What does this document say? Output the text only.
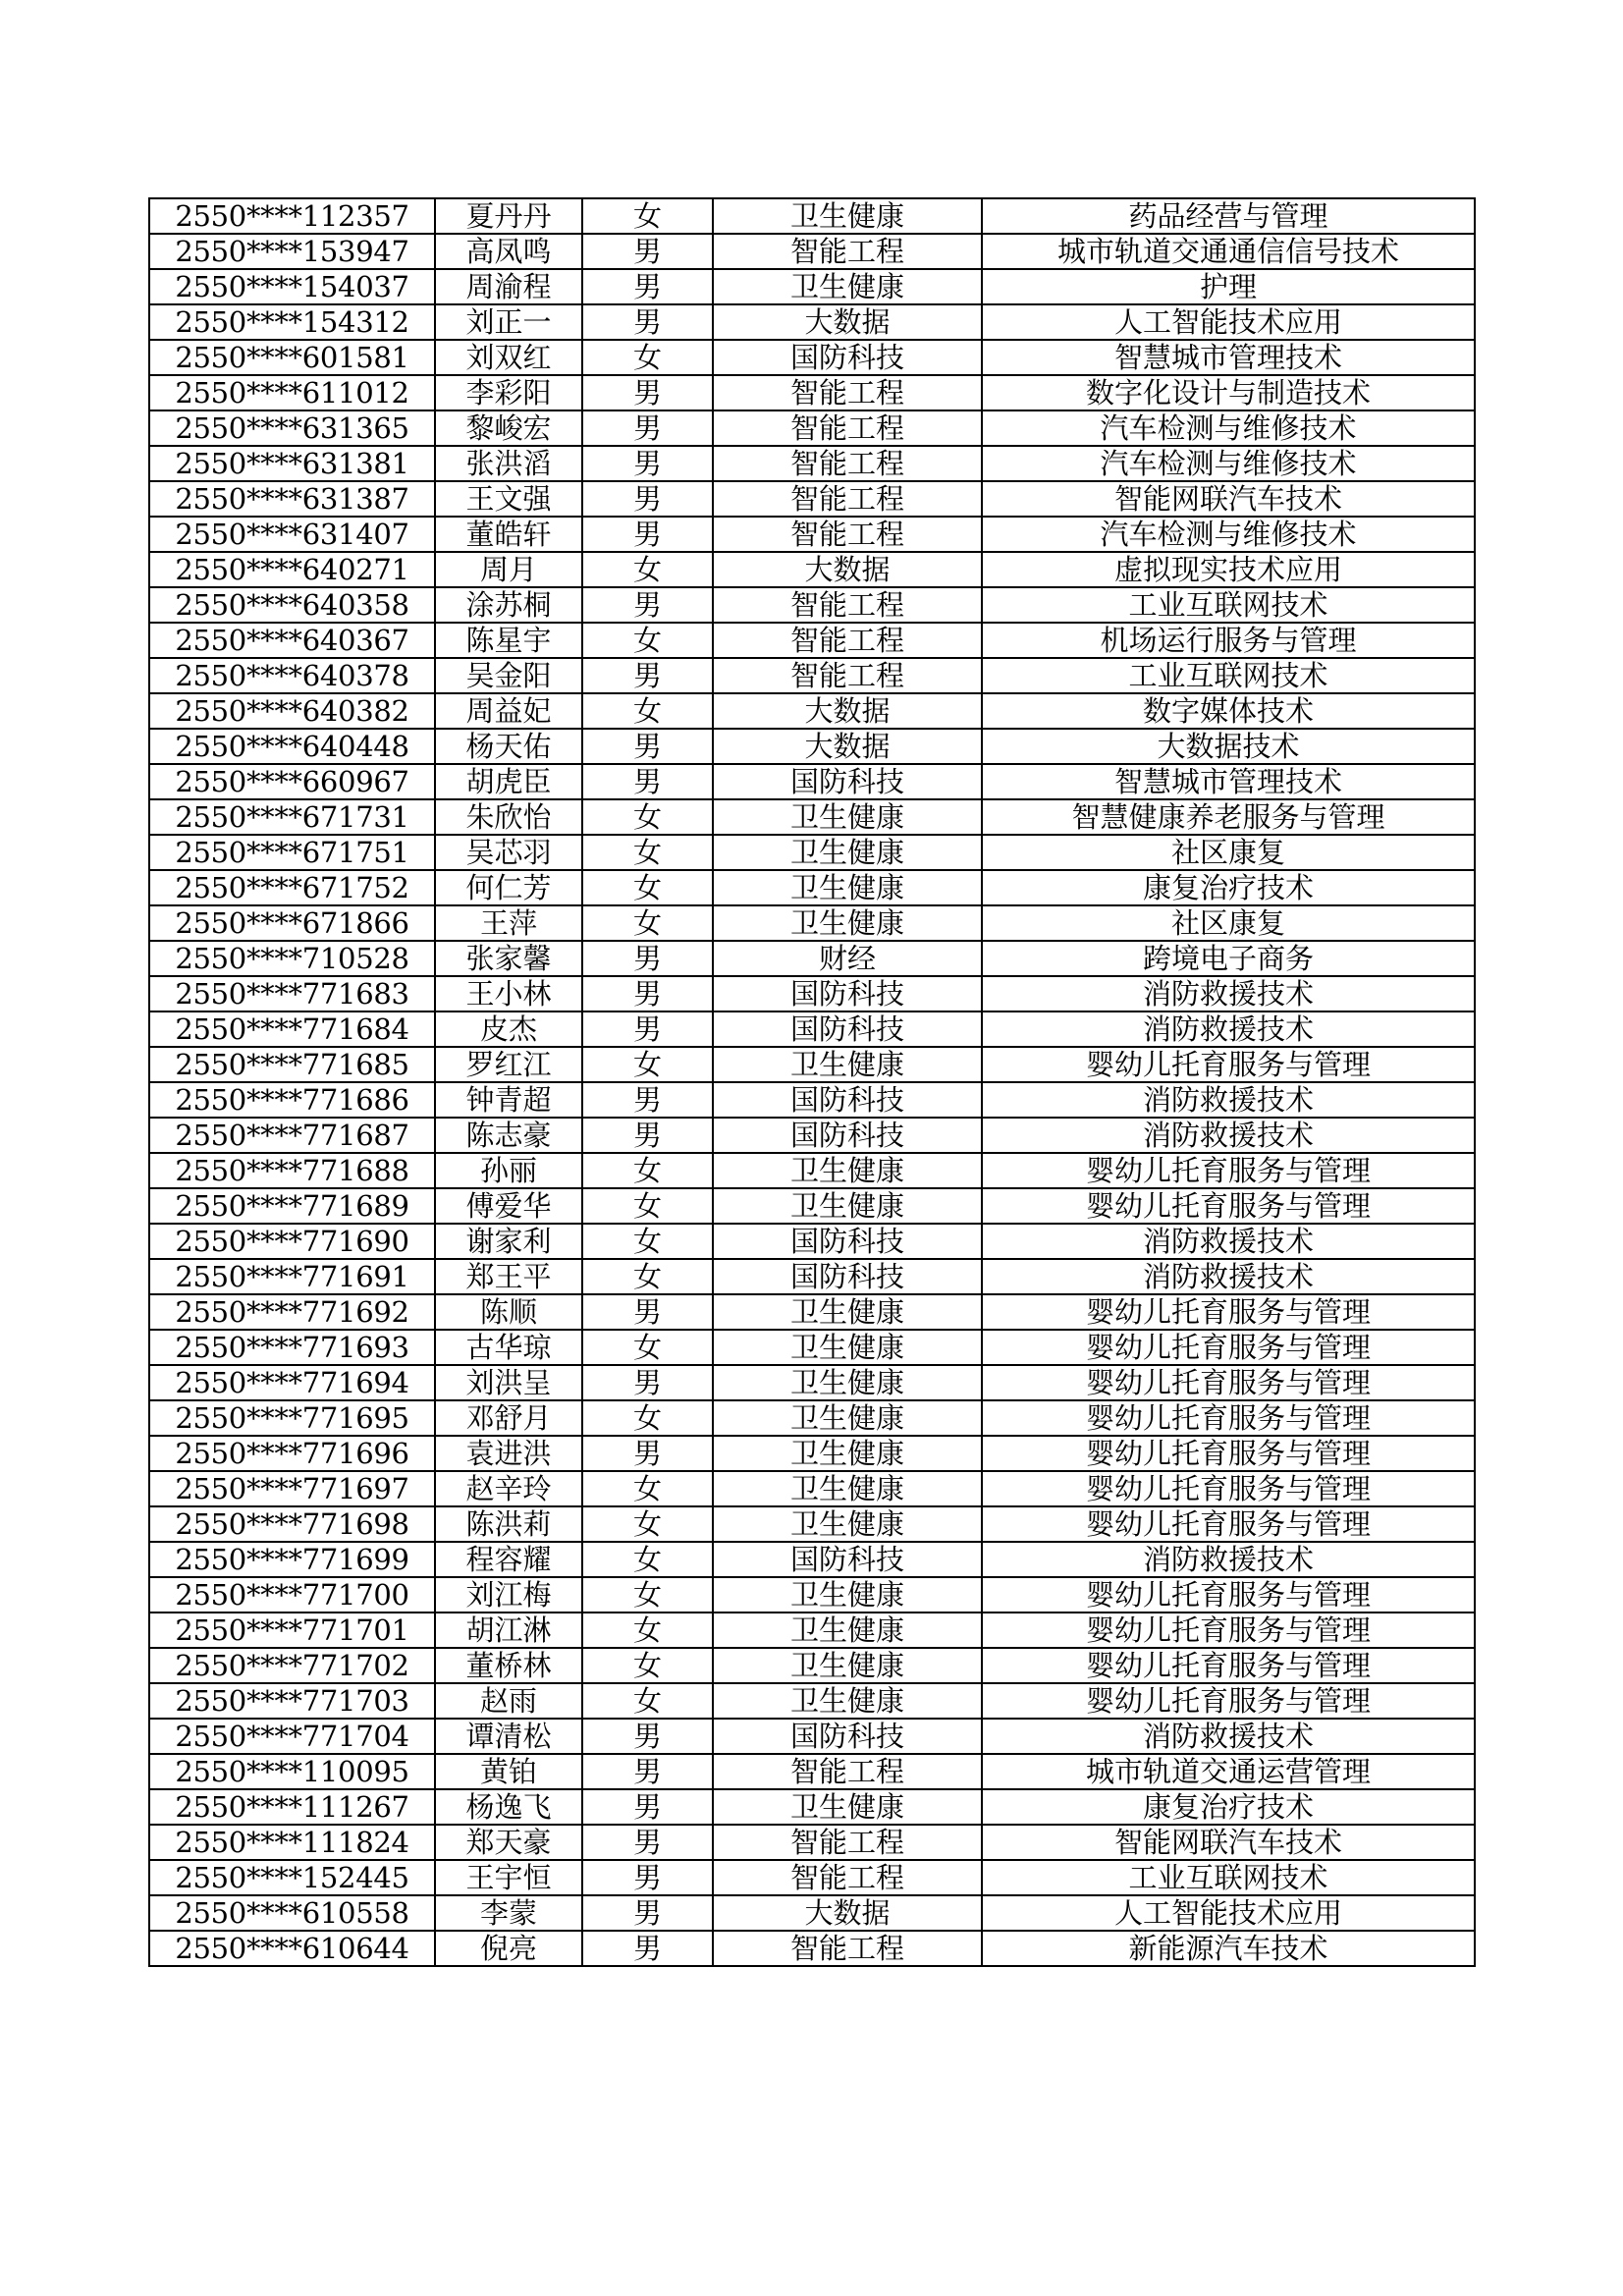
2550****112357	夏丹丹	女	卫生健康	药品经营与管理
2550****153947	高凤鸣	男	智能工程	城市轨道交通通信信号技术
2550****154037	周渝程	男	卫生健康	护理
2550****154312	刘正一	男	大数据	人工智能技术应用
2550****601581	刘双红	女	国防科技	智慧城市管理技术
2550****611012	李彩阳	男	智能工程	数字化设计与制造技术
2550****631365	黎峻宏	男	智能工程	汽车检测与维修技术
2550****631381	张洪滔	男	智能工程	汽车检测与维修技术
2550****631387	王文强	男	智能工程	智能网联汽车技术
2550****631407	董皓轩	男	智能工程	汽车检测与维修技术
2550****640271	周月	女	大数据	虚拟现实技术应用
2550****640358	涂苏桐	男	智能工程	工业互联网技术
2550****640367	陈星宇	女	智能工程	机场运行服务与管理
2550****640378	吴金阳	男	智能工程	工业互联网技术
2550****640382	周益妃	女	大数据	数字媒体技术
2550****640448	杨天佑	男	大数据	大数据技术
2550****660967	胡虎臣	男	国防科技	智慧城市管理技术
2550****671731	朱欣怡	女	卫生健康	智慧健康养老服务与管理
2550****671751	吴芯羽	女	卫生健康	社区康复
2550****671752	何仁芳	女	卫生健康	康复治疗技术
2550****671866	王萍	女	卫生健康	社区康复
2550****710528	张家馨	男	财经	跨境电子商务
2550****771683	王小林	男	国防科技	消防救援技术
2550****771684	皮杰	男	国防科技	消防救援技术
2550****771685	罗红江	女	卫生健康	婴幼儿托育服务与管理
2550****771686	钟青超	男	国防科技	消防救援技术
2550****771687	陈志豪	男	国防科技	消防救援技术
2550****771688	孙丽	女	卫生健康	婴幼儿托育服务与管理
2550****771689	傅爱华	女	卫生健康	婴幼儿托育服务与管理
2550****771690	谢家利	女	国防科技	消防救援技术
2550****771691	郑王平	女	国防科技	消防救援技术
2550****771692	陈顺	男	卫生健康	婴幼儿托育服务与管理
2550****771693	古华琼	女	卫生健康	婴幼儿托育服务与管理
2550****771694	刘洪呈	男	卫生健康	婴幼儿托育服务与管理
2550****771695	邓舒月	女	卫生健康	婴幼儿托育服务与管理
2550****771696	袁进洪	男	卫生健康	婴幼儿托育服务与管理
2550****771697	赵辛玲	女	卫生健康	婴幼儿托育服务与管理
2550****771698	陈洪莉	女	卫生健康	婴幼儿托育服务与管理
2550****771699	程容耀	女	国防科技	消防救援技术
2550****771700	刘江梅	女	卫生健康	婴幼儿托育服务与管理
2550****771701	胡江淋	女	卫生健康	婴幼儿托育服务与管理
2550****771702	董桥林	女	卫生健康	婴幼儿托育服务与管理
2550****771703	赵雨	女	卫生健康	婴幼儿托育服务与管理
2550****771704	谭清松	男	国防科技	消防救援技术
2550****110095	黄铂	男	智能工程	城市轨道交通运营管理
2550****111267	杨逸飞	男	卫生健康	康复治疗技术
2550****111824	郑天豪	男	智能工程	智能网联汽车技术
2550****152445	王宇恒	男	智能工程	工业互联网技术
2550****610558	李蒙	男	大数据	人工智能技术应用
2550****610644	倪亮	男	智能工程	新能源汽车技术
